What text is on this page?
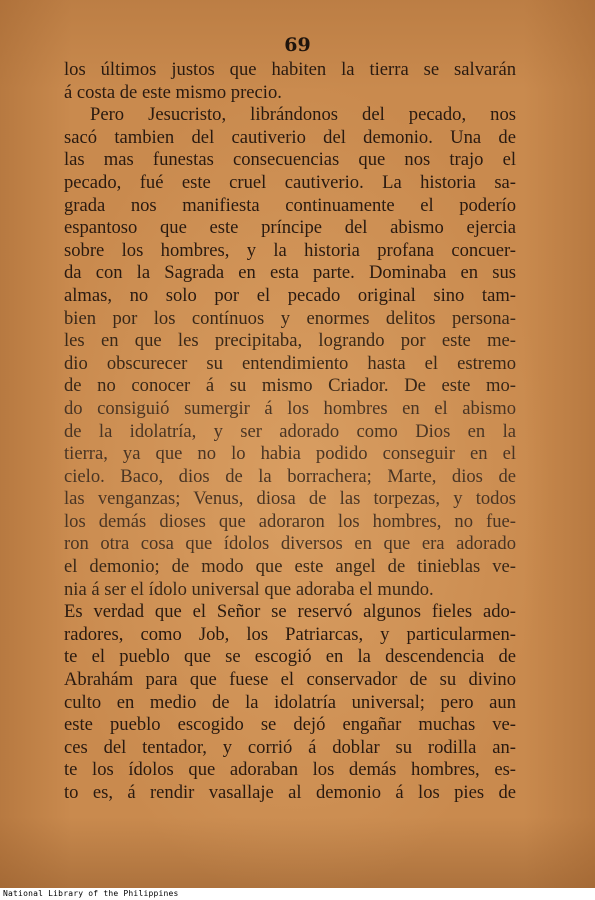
69
los últimos justos que habiten la tierra se salvarán
á costa de este mismo precio.
Pero Jesucristo, librándonos del pecado, nos
sacó tambien del cautiverio del demonio. Una de
las mas funestas consecuencias que nos trajo el
pecado, fué este cruel cautiverio. La historia sa-
grada nos manifiesta continuamente el poderío
espantoso que este príncipe del abismo ejercia
sobre los hombres, y la historia profana concuer-
da con la Sagrada en esta parte. Dominaba en sus
almas, no solo por el pecado original sino tam-
bien por los contínuos y enormes delitos persona-
les en que les precipitaba, logrando por este me-
dio obscurecer su entendimiento hasta el estremo
de no conocer á su mismo Criador. De este mo-
do consiguió sumergir á los hombres en el abismo
de la idolatría, y ser adorado como Dios en la
tierra, ya que no lo habia podido conseguir en el
cielo. Baco, dios de la borrachera; Marte, dios de
las venganzas; Venus, diosa de las torpezas, y todos
los demás dioses que adoraron los hombres, no fue-
ron otra cosa que ídolos diversos en que era adorado
el demonio; de modo que este angel de tinieblas ve-
nia á ser el ídolo universal que adoraba el mundo.
Es verdad que el Señor se reservó algunos fieles ado-
radores, como Job, los Patriarcas, y particularmen-
te el pueblo que se escogió en la descendencia de
Abrahám para que fuese el conservador de su divino
culto en medio de la idolatría universal; pero aun
este pueblo escogido se dejó engañar muchas ve-
ces del tentador, y corrió á doblar su rodilla an-
te los ídolos que adoraban los demás hombres, es-
to es, á rendir vasallaje al demonio á los pies de
National Library of the Philippines
